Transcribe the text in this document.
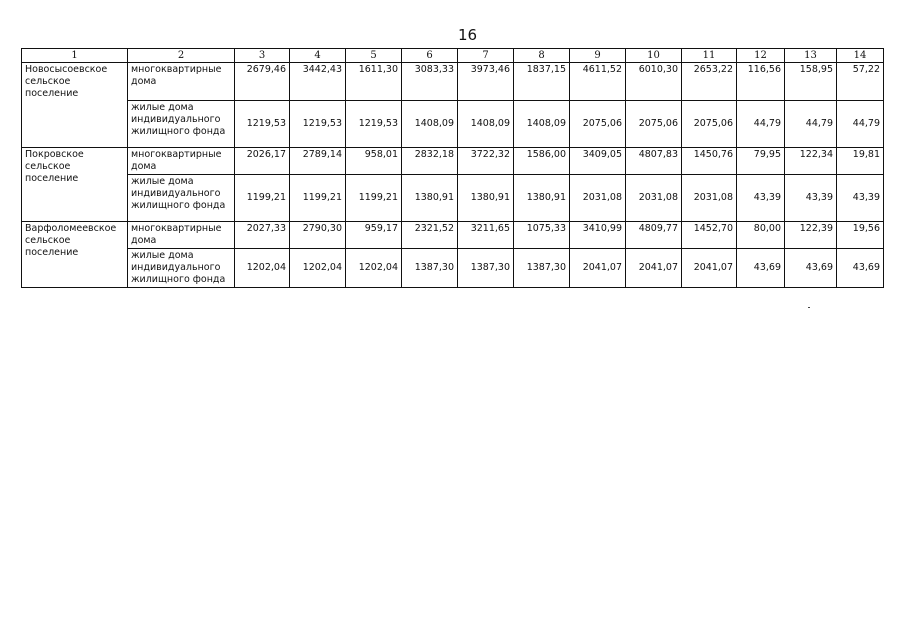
16
1	2	3	4	5	6	7	8	9	10	11	12	13	14
Новосысоевское сельское поселение	многоквартирные дома	2679,46	3442,43	1611,30	3083,33	3973,46	1837,15	4611,52	6010,30	2653,22	116,56	158,95	57,22
	жилые дома индивидуального жилищного фонда	1219,53	1219,53	1219,53	1408,09	1408,09	1408,09	2075,06	2075,06	2075,06	44,79	44,79	44,79
Покровское сельское поселение	многоквартирные дома	2026,17	2789,14	958,01	2832,18	3722,32	1586,00	3409,05	4807,83	1450,76	79,95	122,34	19,81
	жилые дома индивидуального жилищного фонда	1199,21	1199,21	1199,21	1380,91	1380,91	1380,91	2031,08	2031,08	2031,08	43,39	43,39	43,39
Варфоломеевское сельское поселение	многоквартирные дома	2027,33	2790,30	959,17	2321,52	3211,65	1075,33	3410,99	4809,77	1452,70	80,00	122,39	19,56
	жилые дома индивидуального жилищного фонда	1202,04	1202,04	1202,04	1387,30	1387,30	1387,30	2041,07	2041,07	2041,07	43,69	43,69	43,69
